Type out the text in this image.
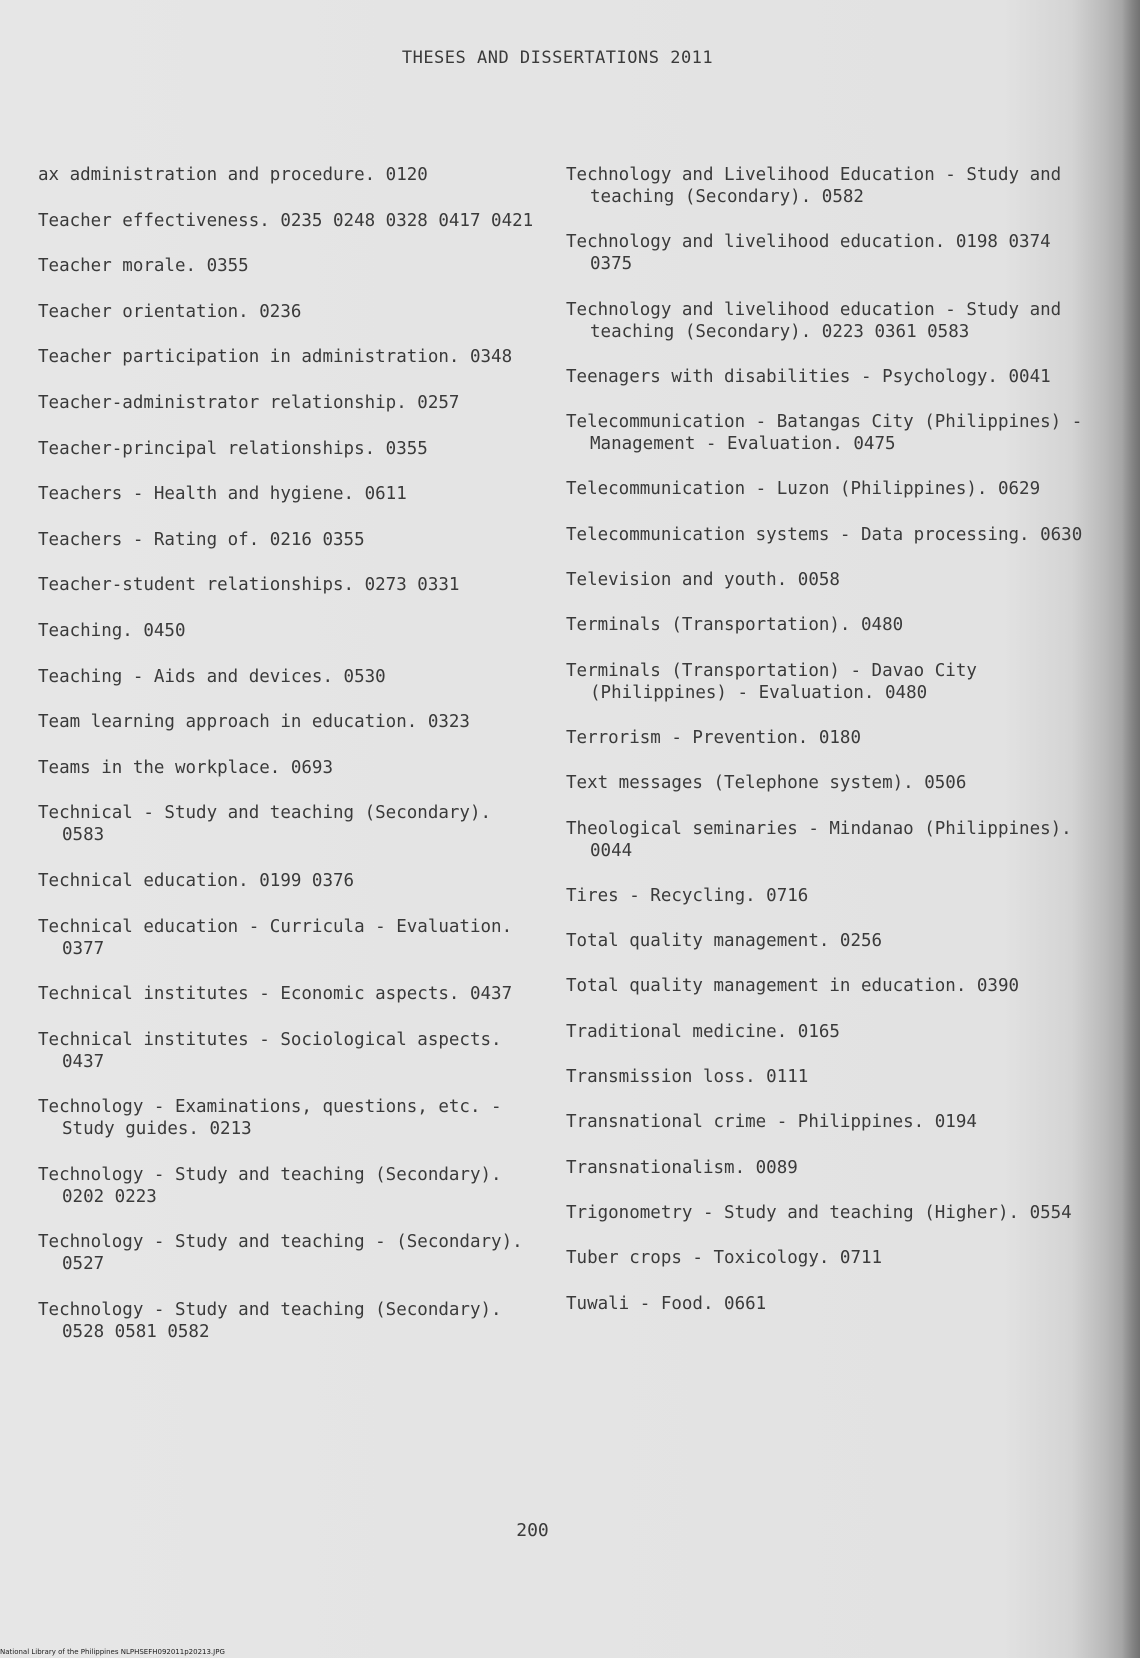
THESES AND DISSERTATIONS 2011
ax administration and procedure. 0120
Teacher effectiveness. 0235 0248 0328 0417 0421
Teacher morale. 0355
Teacher orientation. 0236
Teacher participation in administration. 0348
Teacher-administrator relationship. 0257
Teacher-principal relationships. 0355
Teachers - Health and hygiene. 0611
Teachers - Rating of. 0216 0355
Teacher-student relationships. 0273 0331
Teaching. 0450
Teaching - Aids and devices. 0530
Team learning approach in education. 0323
Teams in the workplace. 0693
Technical - Study and teaching (Secondary). 0583
Technical education. 0199 0376
Technical education - Curricula - Evaluation. 0377
Technical institutes - Economic aspects. 0437
Technical institutes - Sociological aspects. 0437
Technology - Examinations, questions, etc. - Study guides. 0213
Technology - Study and teaching (Secondary). 0202 0223
Technology - Study and teaching - (Secondary). 0527
Technology - Study and teaching (Secondary). 0528 0581 0582
Technology and Livelihood Education - Study and teaching (Secondary). 0582
Technology and livelihood education. 0198 0374 0375
Technology and livelihood education - Study and teaching (Secondary). 0223 0361 0583
Teenagers with disabilities - Psychology. 0041
Telecommunication - Batangas City (Philippines) - Management - Evaluation. 0475
Telecommunication - Luzon (Philippines). 0629
Telecommunication systems - Data processing. 0630
Television and youth. 0058
Terminals (Transportation). 0480
Terminals (Transportation) - Davao City (Philippines) - Evaluation. 0480
Terrorism - Prevention. 0180
Text messages (Telephone system). 0506
Theological seminaries - Mindanao (Philippines). 0044
Tires - Recycling. 0716
Total quality management. 0256
Total quality management in education. 0390
Traditional medicine. 0165
Transmission loss. 0111
Transnational crime - Philippines. 0194
Transnationalism. 0089
Trigonometry - Study and teaching (Higher). 0554
Tuber crops - Toxicology. 0711
Tuwali - Food. 0661
200
National Library of the Philippines NLPHSEFH092011p20213.JPG
